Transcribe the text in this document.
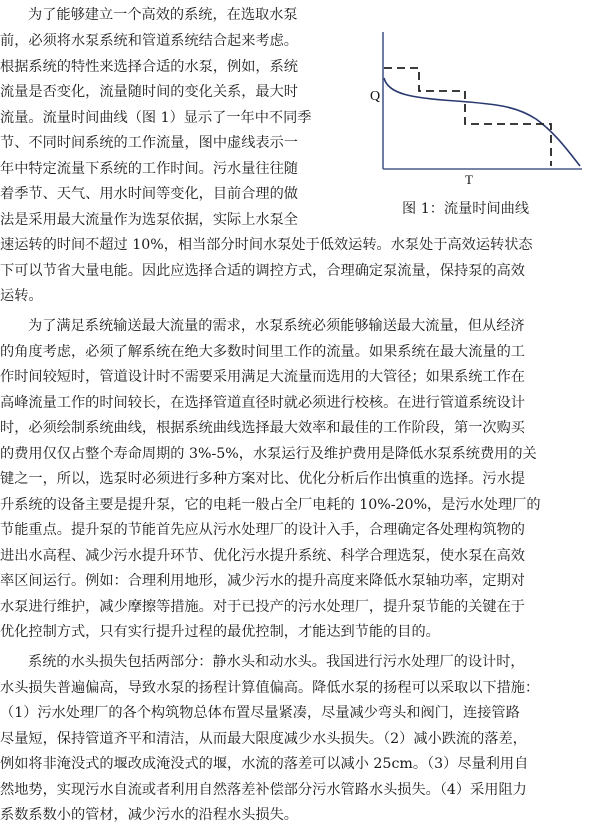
为了能够建立一个高效的系统，在选取水泵
前，必须将水泵系统和管道系统结合起来考虑。
根据系统的特性来选择合适的水泵，例如，系统
流量是否变化，流量随时间的变化关系，最大时
流量。流量时间曲线（图 1）显示了一年中不同季
节、不同时间系统的工作流量，图中虚线表示一
年中特定流量下系统的工作时间。污水量往往随
着季节、天气、用水时间等变化，目前合理的做
法是采用最大流量作为选泵依据，实际上水泵全
速运转的时间不超过 10%，相当部分时间水泵处于低效运转。水泵处于高效运转状态
下可以节省大量电能。因此应选择合适的调控方式，合理确定泵流量，保持泵的高效
运转。
Q
T
图 1：流量时间曲线
为了满足系统输送最大流量的需求，水泵系统必须能够输送最大流量，但从经济
的角度考虑，必须了解系统在绝大多数时间里工作的流量。如果系统在最大流量的工
作时间较短时，管道设计时不需要采用满足大流量而选用的大管径；如果系统工作在
高峰流量工作的时间较长，在选择管道直径时就必须进行校核。在进行管道系统设计
时，必须绘制系统曲线，根据系统曲线选择最大效率和最佳的工作阶段，第一次购买
的费用仅仅占整个寿命周期的 3%-5%，水泵运行及维护费用是降低水泵系统费用的关
键之一，所以，选泵时必须进行多种方案对比、优化分析后作出慎重的选择。污水提
升系统的设备主要是提升泵，它的电耗一般占全厂电耗的 10%-20%，是污水处理厂的
节能重点。提升泵的节能首先应从污水处理厂的设计入手，合理确定各处理构筑物的
进出水高程、减少污水提升环节、优化污水提升系统、科学合理选泵，使水泵在高效
率区间运行。例如：合理利用地形，减少污水的提升高度来降低水泵轴功率，定期对
水泵进行维护，减少摩擦等措施。对于已投产的污水处理厂，提升泵节能的关键在于
优化控制方式，只有实行提升过程的最优控制，才能达到节能的目的。
系统的水头损失包括两部分：静水头和动水头。我国进行污水处理厂的设计时，
水头损失普遍偏高，导致水泵的扬程计算值偏高。降低水泵的扬程可以采取以下措施：
（1）污水处理厂的各个构筑物总体布置尽量紧凑，尽量减少弯头和阀门，连接管路
尽量短，保持管道齐平和清洁，从而最大限度减少水头损失。（2）减小跌流的落差，
例如将非淹没式的堰改成淹没式的堰，水流的落差可以减小 25cm。（3）尽量利用自
然地势，实现污水自流或者利用自然落差补偿部分污水管路水头损失。（4）采用阻力
系数系数小的管材，减少污水的沿程水头损失。
